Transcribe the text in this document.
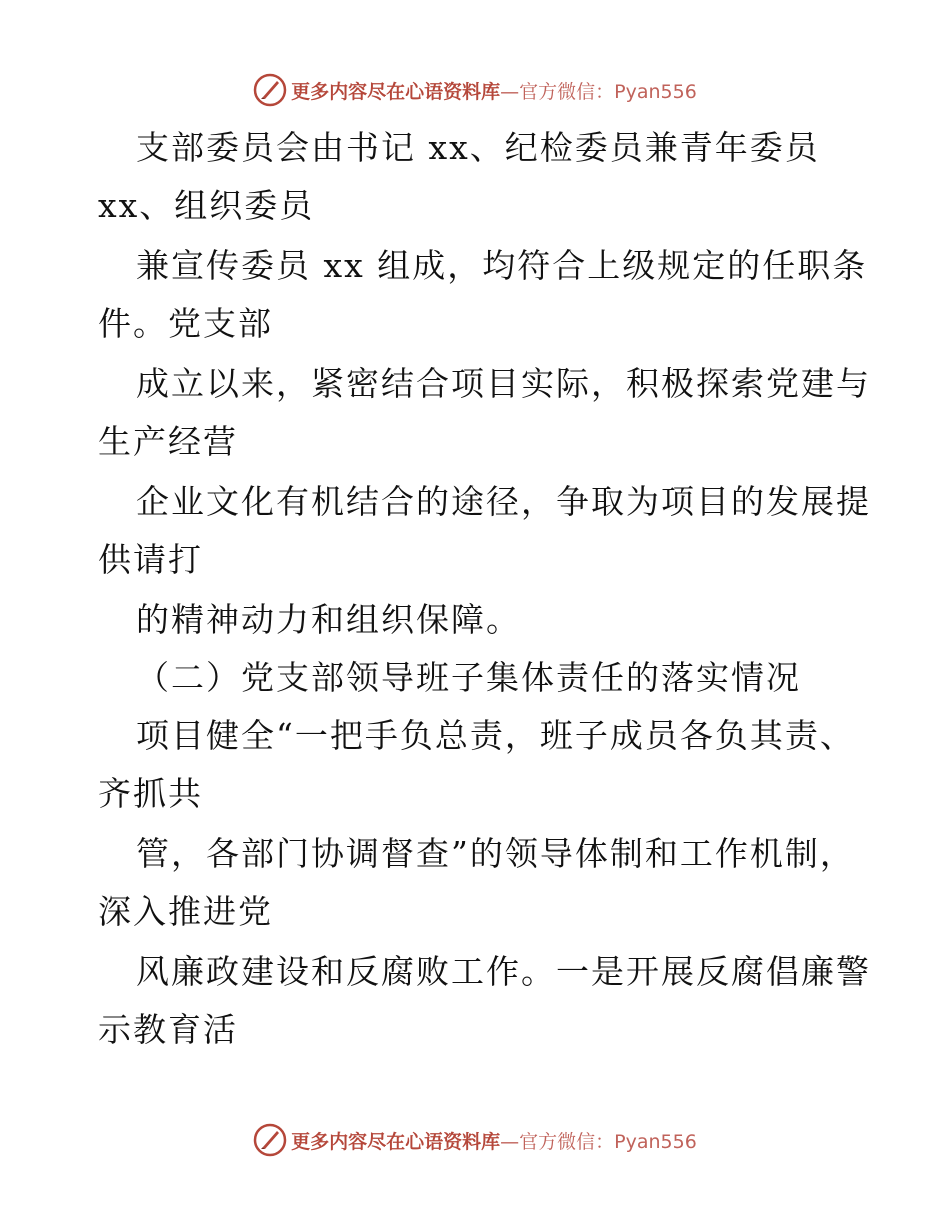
更多内容尽在心语资料库—官方微信：Pyan556
支部委员会由书记 xx、纪检委员兼青年委员
xx、组织委员
兼宣传委员 xx 组成，均符合上级规定的任职条
件。党支部
成立以来，紧密结合项目实际，积极探索党建与
生产经营
企业文化有机结合的途径，争取为项目的发展提
供请打
的精神动力和组织保障。
（二）党支部领导班子集体责任的落实情况
项目健全“一把手负总责，班子成员各负其责、
齐抓共
管，各部门协调督查”的领导体制和工作机制，
深入推进党
风廉政建设和反腐败工作。一是开展反腐倡廉警
示教育活
更多内容尽在心语资料库—官方微信：Pyan556
